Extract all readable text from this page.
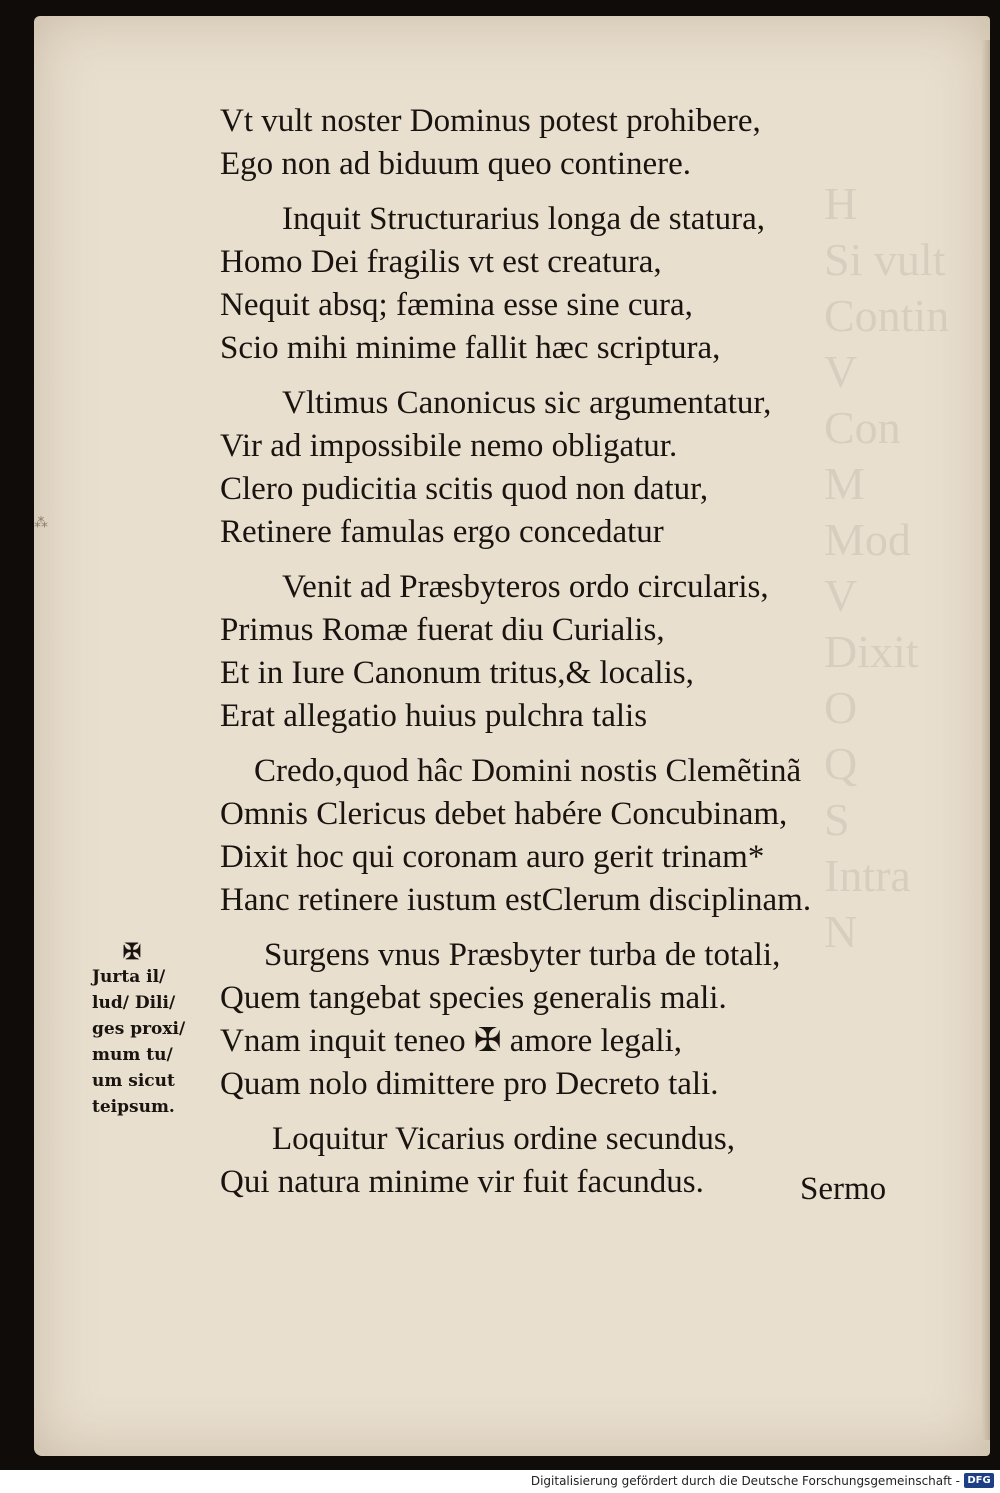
H
Si vult
Contin
V
Con
M
Mod
V
Dixit
O
Q
S
Intra
N
⁂
Vt vult noster Dominus potest prohibere,
Ego non ad biduum queo continere.
Inquit Structurarius longa de statura,
Homo Dei fragilis vt est creatura,
Nequit absq; fæmina esse sine cura,
Scio mihi minime fallit hæc scriptura,
Vltimus Canonicus sic argumentatur,
Vir ad impossibile nemo obligatur.
Clero pudicitia scitis quod non datur,
Retinere famulas ergo concedatur
Venit ad Præsbyteros ordo circularis,
Primus Romæ fuerat diu Curialis,
Et in Iure Canonum tritus,& localis,
Erat allegatio huius pulchra talis
Credo,quod hâc Domini nostis Clemẽtinã
Omnis Clericus debet habére Concubinam,
Dixit hoc qui coronam auro gerit trinam*
Hanc retinere iustum estClerum disciplinam.
Surgens vnus Præsbyter turba de totali,
Quem tangebat species generalis mali.
Vnam inquit teneo ✠ amore legali,
Quam nolo dimittere pro Decreto tali.
Loquitur Vicarius ordine secundus,
Qui natura minime vir fuit facundus.	Sermo
✠
Jurta il/
lud/ Dili/
ges proxi/
mum tu/
um sicut
teipsum.
Digitalisierung gefördert durch die Deutsche Forschungsgemeinschaft - DFG
